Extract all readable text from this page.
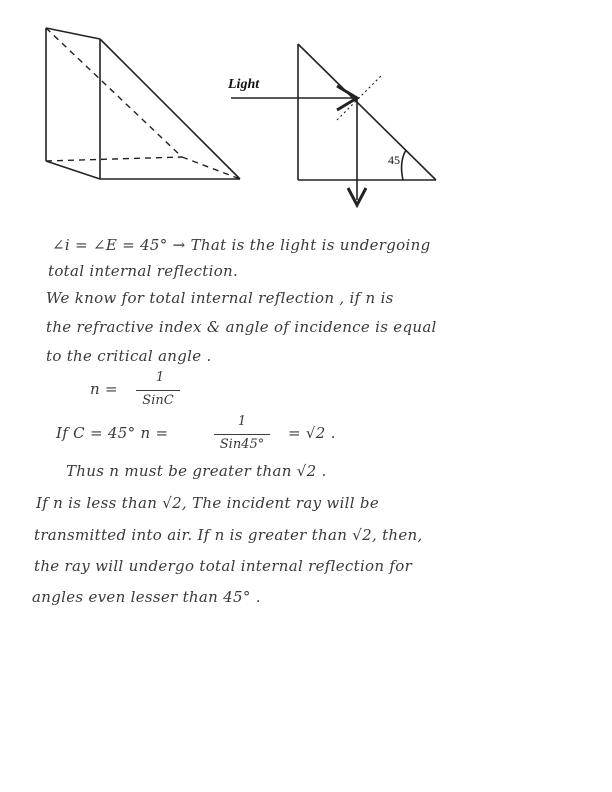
Light
45
∠i = ∠E = 45° → That is the light is undergoing
total internal reflection.
We know for total internal reflection , if n is
the refractive index & angle of incidence is equal
to the critical angle .
n =
1
SinC
If C = 45° n =
1
Sin45°
= √2 .
Thus n must be greater than √2 .
If n is less than √2, The incident ray will be
transmitted into air. If n is greater than √2, then,
the ray will undergo total internal reflection for
angles even lesser than 45° .
